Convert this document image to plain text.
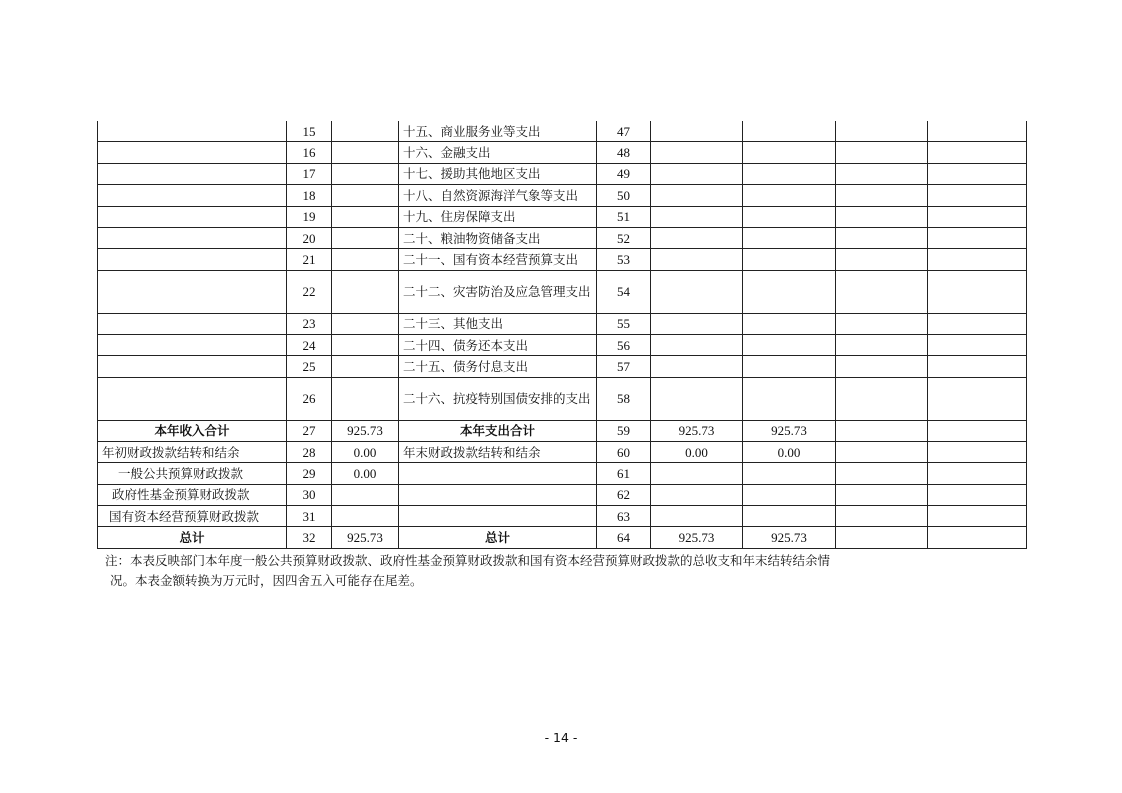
	15		十五、商业服务业等支出	47				
	16		十六、金融支出	48				
	17		十七、援助其他地区支出	49				
	18		十八、自然资源海洋气象等支出	50				
	19		十九、住房保障支出	51				
	20		二十、粮油物资储备支出	52				
	21		二十一、国有资本经营预算支出	53				
	22		二十二、灾害防治及应急管理支出	54				
	23		二十三、其他支出	55				
	24		二十四、债务还本支出	56				
	25		二十五、债务付息支出	57				
	26		二十六、抗疫特别国债安排的支出	58				
本年收入合计	27	925.73	本年支出合计	59	925.73	925.73		
年初财政拨款结转和结余	28	0.00	年末财政拨款结转和结余	60	0.00	0.00		
一般公共预算财政拨款	29	0.00		61				
政府性基金预算财政拨款	30			62				
国有资本经营预算财政拨款	31			63				
总计	32	925.73	总计	64	925.73	925.73		

注：本表反映部门本年度一般公共预算财政拨款、政府性基金预算财政拨款和国有资本经营预算财政拨款的总收支和年末结转结余情
况。本表金额转换为万元时，因四舍五入可能存在尾差。

- 14 -
